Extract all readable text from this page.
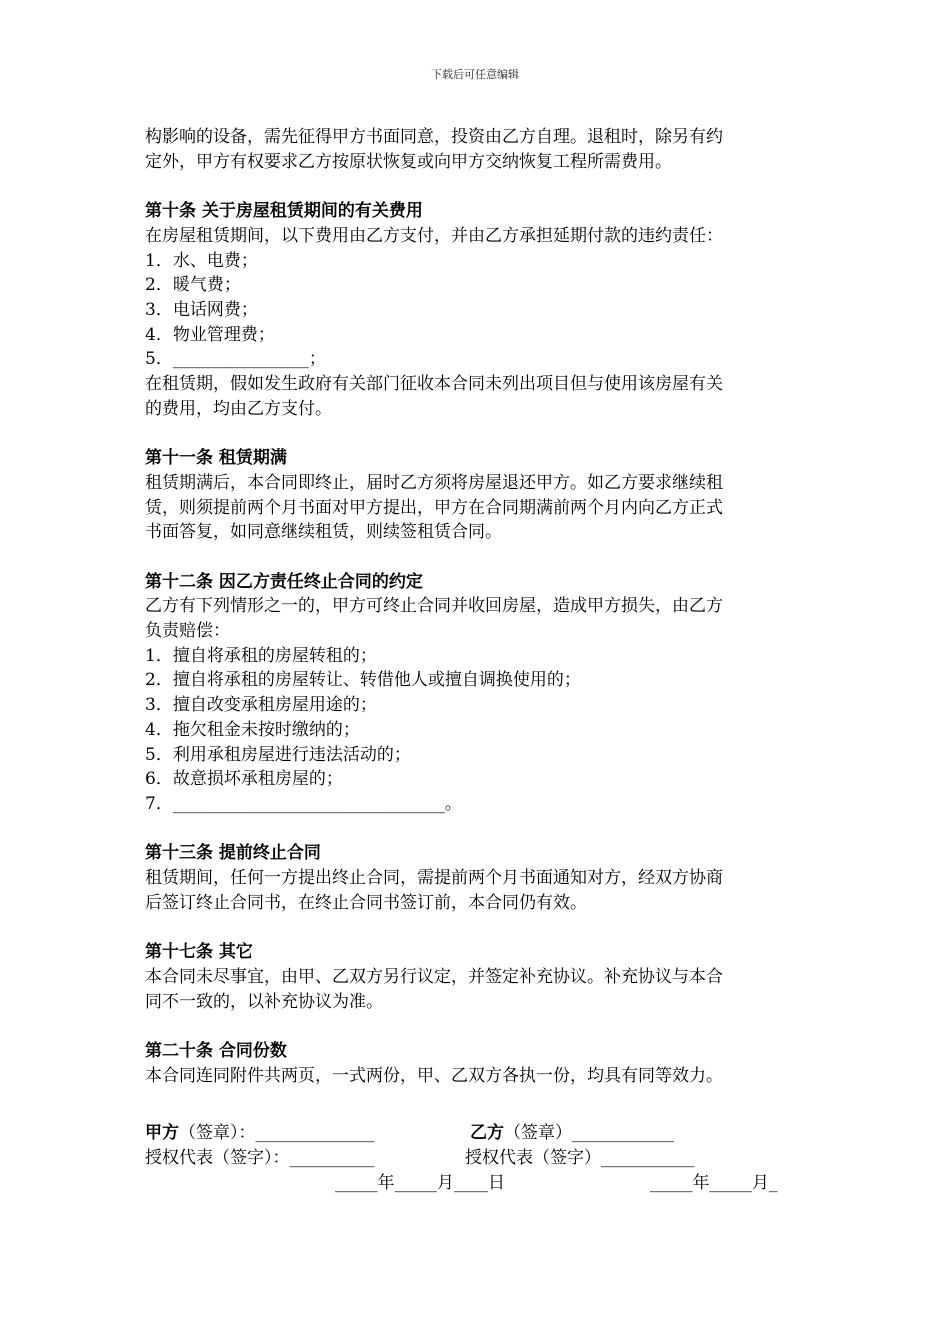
下载后可任意编辑
构影响的设备，需先征得甲方书面同意，投资由乙方自理。退租时，除另有约
定外，甲方有权要求乙方按原状恢复或向甲方交纳恢复工程所需费用。
第十条 关于房屋租赁期间的有关费用
在房屋租赁期间，以下费用由乙方支付，并由乙方承担延期付款的违约责任：
1．水、电费；
2．暖气费；
3．电话网费；
4．物业管理费；
5．________________；
在租赁期，假如发生政府有关部门征收本合同未列出项目但与使用该房屋有关
的费用，均由乙方支付。
第十一条 租赁期满
租赁期满后，本合同即终止，届时乙方须将房屋退还甲方。如乙方要求继续租
赁，则须提前两个月书面对甲方提出，甲方在合同期满前两个月内向乙方正式
书面答复，如同意继续租赁，则续签租赁合同。
第十二条 因乙方责任终止合同的约定
乙方有下列情形之一的，甲方可终止合同并收回房屋，造成甲方损失，由乙方
负责赔偿：
1．擅自将承租的房屋转租的；
2．擅自将承租的房屋转让、转借他人或擅自调换使用的；
3．擅自改变承租房屋用途的；
4．拖欠租金未按时缴纳的；
5．利用承租房屋进行违法活动的；
6．故意损坏承租房屋的；
7．________________________________。
第十三条 提前终止合同
租赁期间，任何一方提出终止合同，需提前两个月书面通知对方，经双方协商
后签订终止合同书，在终止合同书签订前，本合同仍有效。
第十七条 其它
本合同未尽事宜，由甲、乙双方另行议定，并签定补充协议。补充协议与本合
同不一致的，以补充协议为准。
第二十条 合同份数
本合同连同附件共两页，一式两份，甲、乙双方各执一份，均具有同等效力。
甲方（签章）：______________	乙方（签章）____________
授权代表（签字）：__________	授权代表（签字）___________
_____年_____月____日	_____年_____月_
